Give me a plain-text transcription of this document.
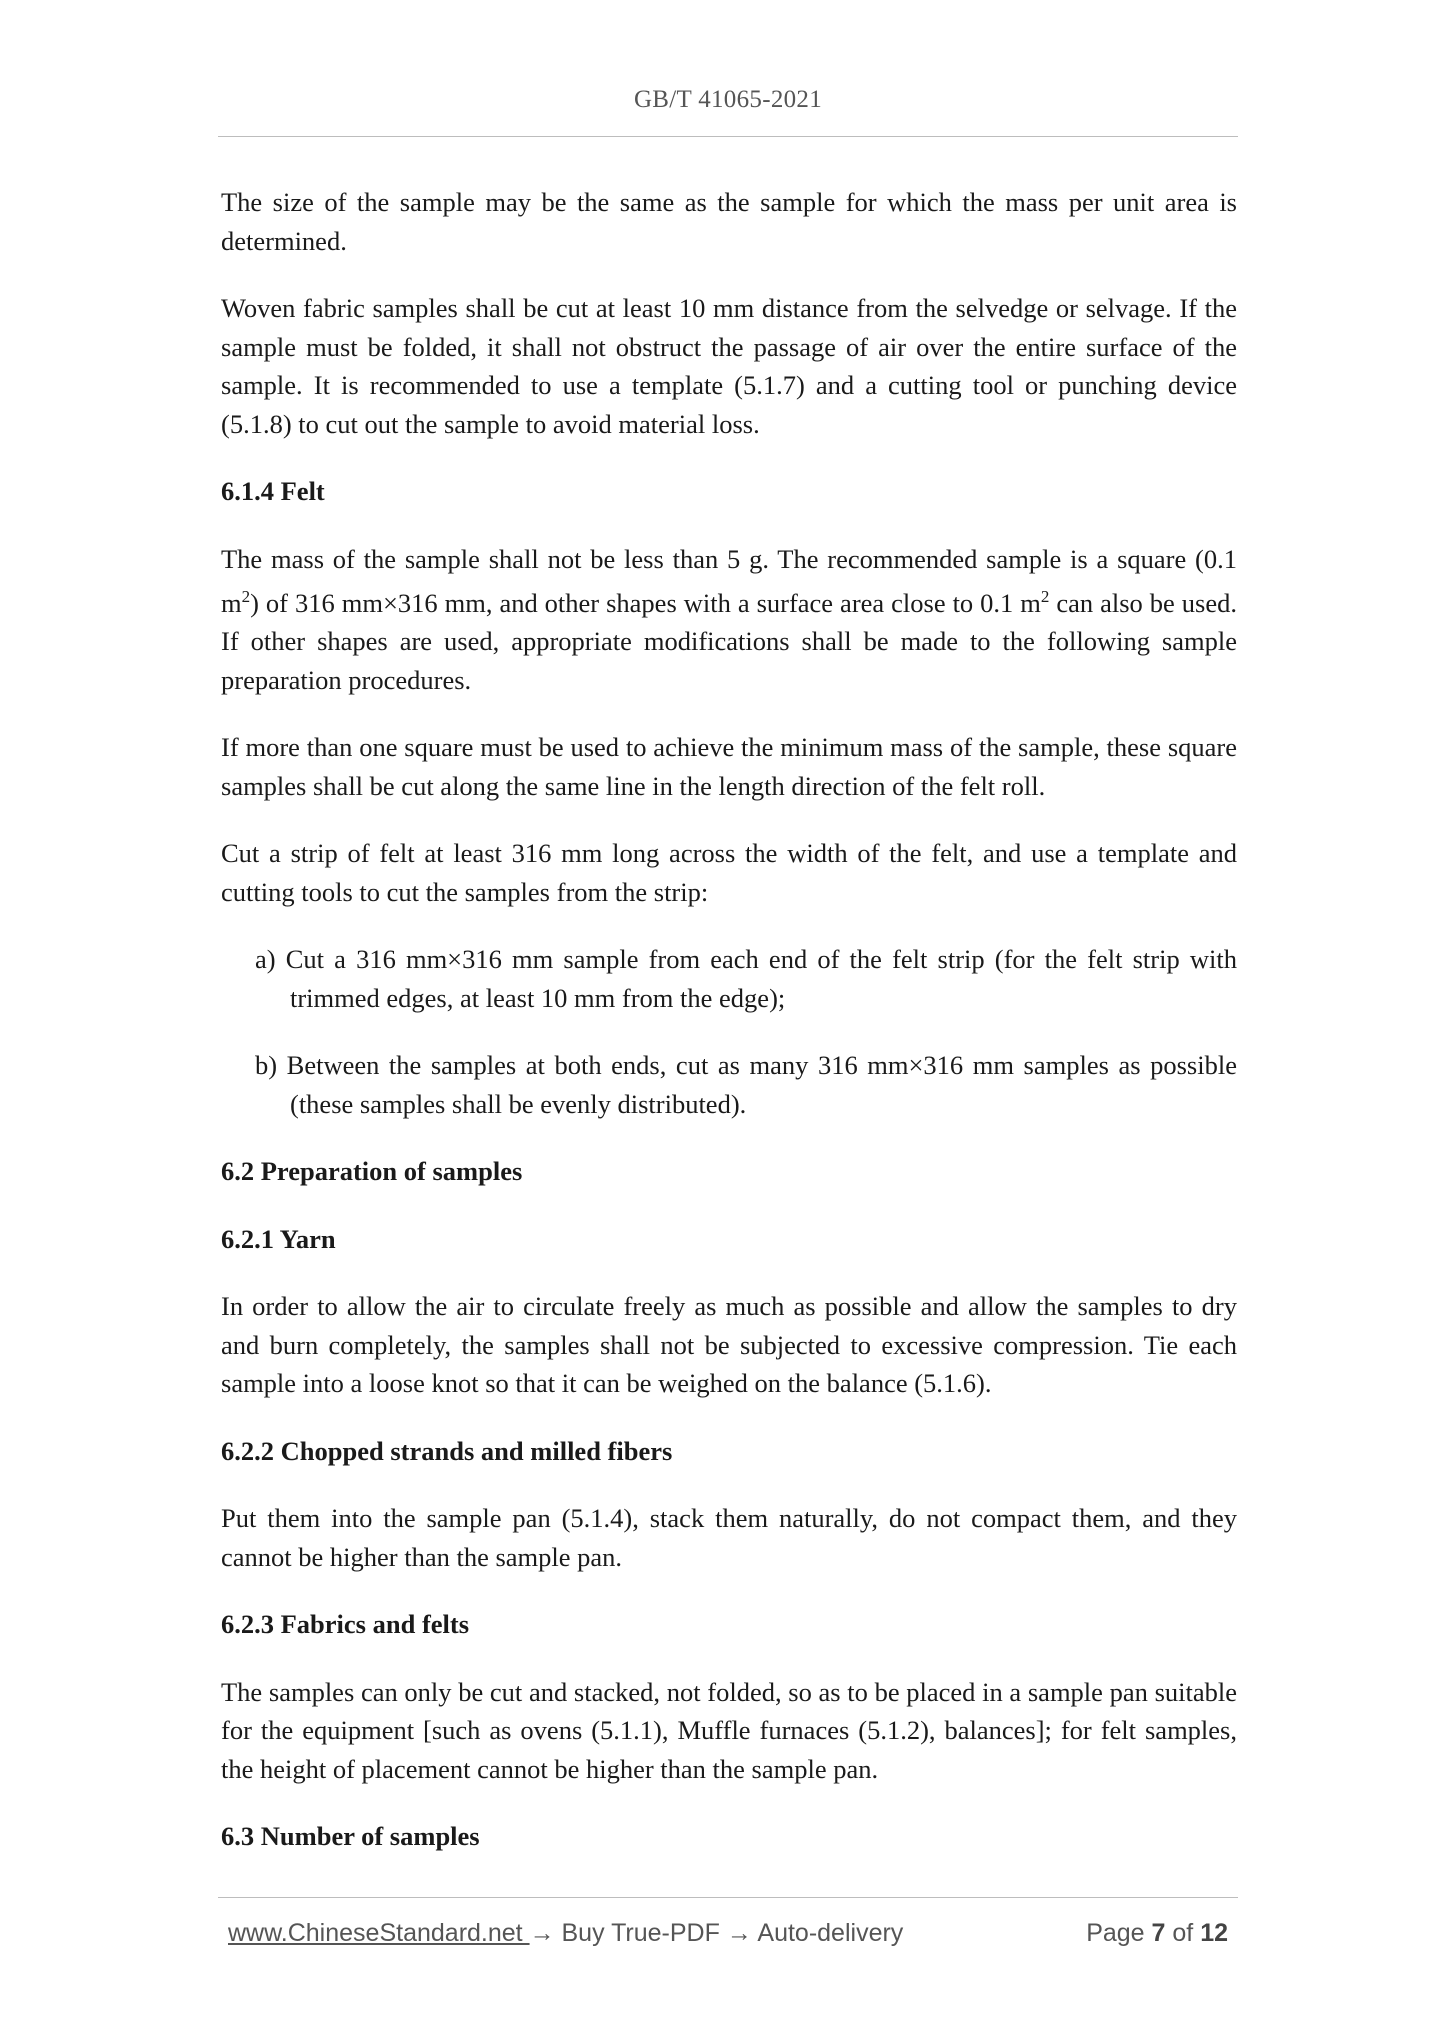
GB/T 41065-2021

The size of the sample may be the same as the sample for which the mass per unit area is determined.

Woven fabric samples shall be cut at least 10 mm distance from the selvedge or selvage. If the sample must be folded, it shall not obstruct the passage of air over the entire surface of the sample. It is recommended to use a template (5.1.7) and a cutting tool or punching device (5.1.8) to cut out the sample to avoid material loss.

6.1.4 Felt

The mass of the sample shall not be less than 5 g. The recommended sample is a square (0.1 $m^2$) of 316 mm×316 mm, and other shapes with a surface area close to 0.1 $m^2$ can also be used. If other shapes are used, appropriate modifications shall be made to the following sample preparation procedures.

If more than one square must be used to achieve the minimum mass of the sample, these square samples shall be cut along the same line in the length direction of the felt roll.

Cut a strip of felt at least 316 mm long across the width of the felt, and use a template and cutting tools to cut the samples from the strip:

a) Cut a 316 mm×316 mm sample from each end of the felt strip (for the felt strip with trimmed edges, at least 10 mm from the edge);

b) Between the samples at both ends, cut as many 316 mm×316 mm samples as possible (these samples shall be evenly distributed).

6.2 Preparation of samples
6.2.1 Yarn

In order to allow the air to circulate freely as much as possible and allow the samples to dry and burn completely, the samples shall not be subjected to excessive compression. Tie each sample into a loose knot so that it can be weighed on the balance (5.1.6).

6.2.2 Chopped strands and milled fibers

Put them into the sample pan (5.1.4), stack them naturally, do not compact them, and they cannot be higher than the sample pan.

6.2.3 Fabrics and felts

The samples can only be cut and stacked, not folded, so as to be placed in a sample pan suitable for the equipment [such as ovens (5.1.1), Muffle furnaces (5.1.2), balances]; for felt samples, the height of placement cannot be higher than the sample pan.

6.3 Number of samples
www.ChineseStandard.net → Buy True-PDF → Auto-delivery	Page 7 of 12
